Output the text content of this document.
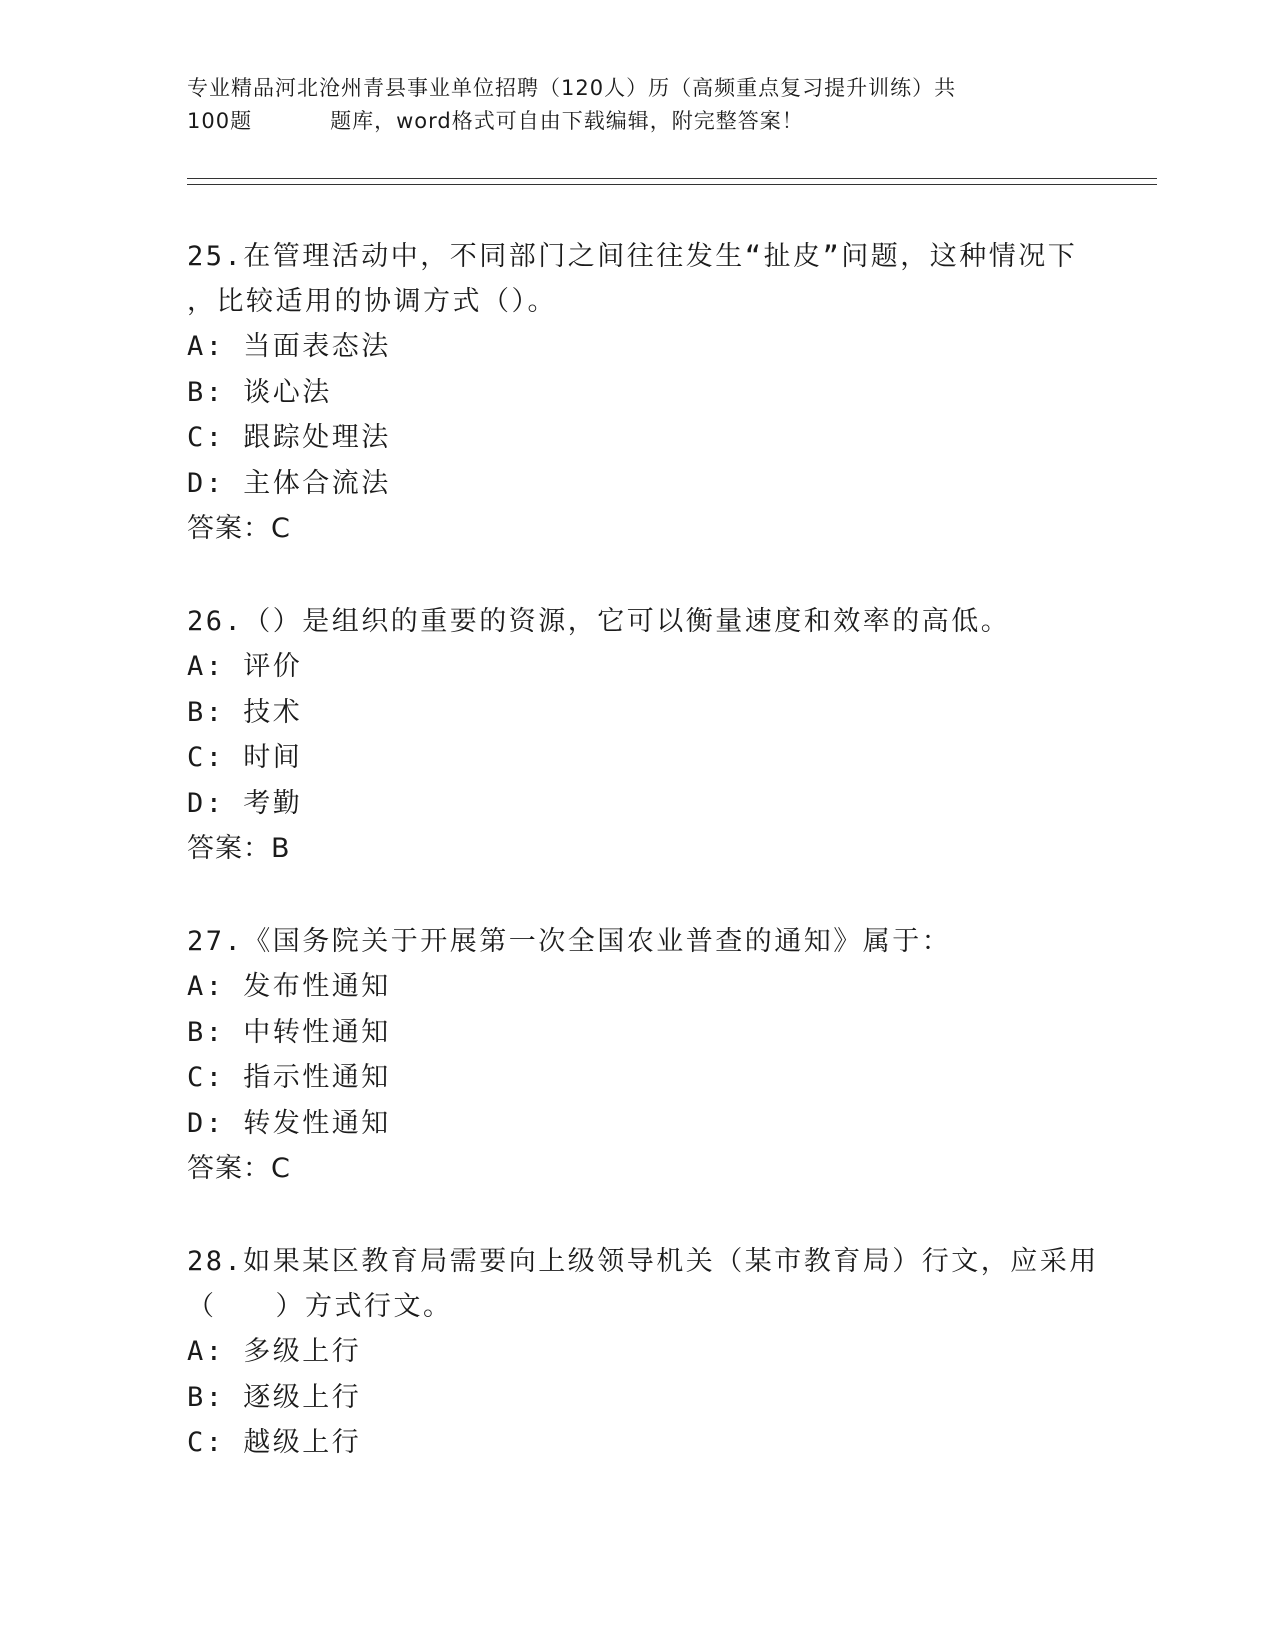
专业精品河北沧州青县事业单位招聘（120人）历（高频重点复习提升训练）共
100题	题库，word格式可自由下载编辑，附完整答案！

25.在管理活动中，不同部门之间往往发生“扯皮”问题，这种情况下

，比较适用的协调方式（）。

A: 当面表态法

B: 谈心法

C: 跟踪处理法

D: 主体合流法

答案：C

26.（）是组织的重要的资源，它可以衡量速度和效率的高低。

A: 评价

B: 技术

C: 时间

D: 考勤

答案：B

27.《国务院关于开展第一次全国农业普查的通知》属于：

A: 发布性通知

B: 中转性通知

C: 指示性通知

D: 转发性通知

答案：C

28.如果某区教育局需要向上级领导机关（某市教育局）行文，应采用

（　　）方式行文。

A: 多级上行

B: 逐级上行

C: 越级上行
